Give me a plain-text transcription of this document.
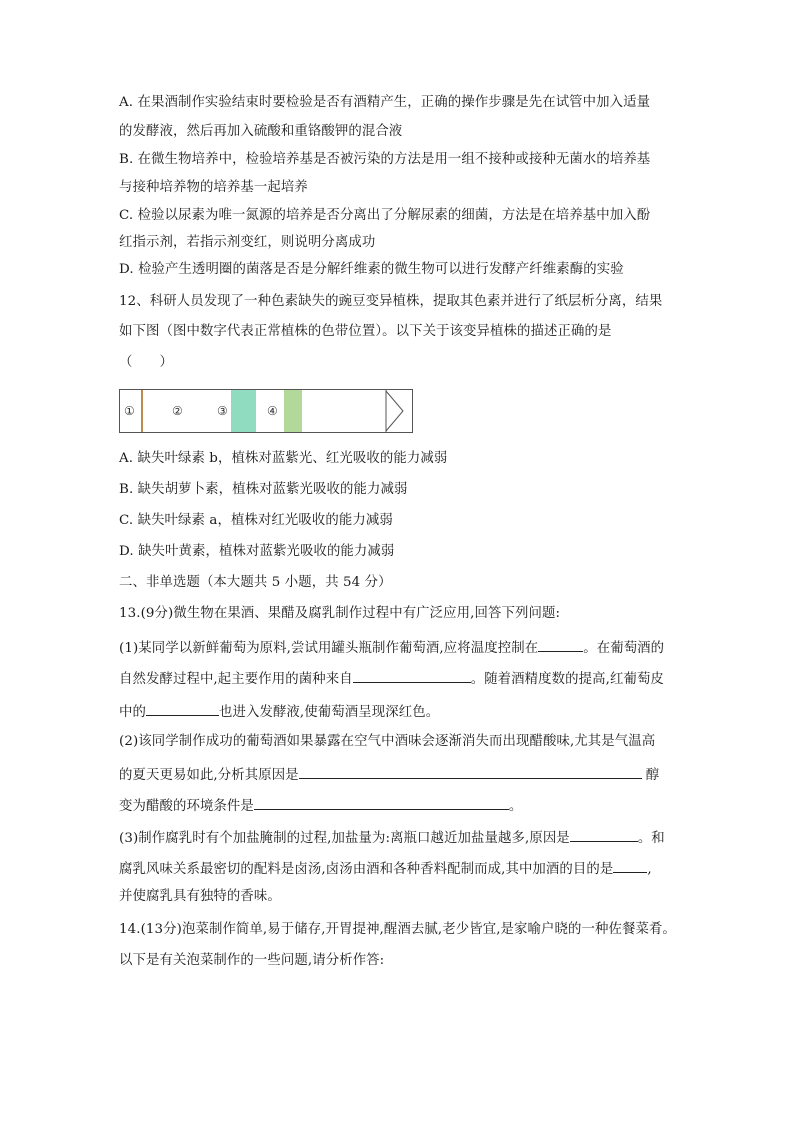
A. 在果酒制作实验结束时要检验是否有酒精产生，正确的操作步骤是先在试管中加入适量
的发酵液，然后再加入硫酸和重铬酸钾的混合液
B. 在微生物培养中，检验培养基是否被污染的方法是用一组不接种或接种无菌水的培养基
与接种培养物的培养基一起培养
C. 检验以尿素为唯一氮源的培养是否分离出了分解尿素的细菌，方法是在培养基中加入酚
红指示剂，若指示剂变红，则说明分离成功
D. 检验产生透明圈的菌落是否是分解纤维素的微生物可以进行发酵产纤维素酶的实验
12、科研人员发现了一种色素缺失的豌豆变异植株，提取其色素并进行了纸层析分离，结果
如下图（图中数字代表正常植株的色带位置）。以下关于该变异植株的描述正确的是
（　　）
①	②	③	④
A. 缺失叶绿素 b，植株对蓝紫光、红光吸收的能力减弱
B. 缺失胡萝卜素，植株对蓝紫光吸收的能力减弱
C. 缺失叶绿素 a，植株对红光吸收的能力减弱
D. 缺失叶黄素，植株对蓝紫光吸收的能力减弱
二、非单选题（本大题共 5 小题，共 54 分）
13.(9分)微生物在果酒、果醋及腐乳制作过程中有广泛应用,回答下列问题:
(1)某同学以新鲜葡萄为原料,尝试用罐头瓶制作葡萄酒,应将温度控制在	。在葡萄酒的
自然发酵过程中,起主要作用的菌种来自	。随着酒精度数的提高,红葡萄皮
中的	也进入发酵液,使葡萄酒呈现深红色。
(2)该同学制作成功的葡萄酒如果暴露在空气中酒味会逐渐消失而出现醋酸味,尤其是气温高
的夏天更易如此,分析其原因是	醇
变为醋酸的环境条件是	。
(3)制作腐乳时有个加盐腌制的过程,加盐量为:离瓶口越近加盐量越多,原因是	。和
腐乳风味关系最密切的配料是卤汤,卤汤由酒和各种香料配制而成,其中加酒的目的是	,
并使腐乳具有独特的香味。
14.(13分)泡菜制作简单,易于储存,开胃提神,醒酒去腻,老少皆宜,是家喻户晓的一种佐餐菜肴。
以下是有关泡菜制作的一些问题,请分析作答:
